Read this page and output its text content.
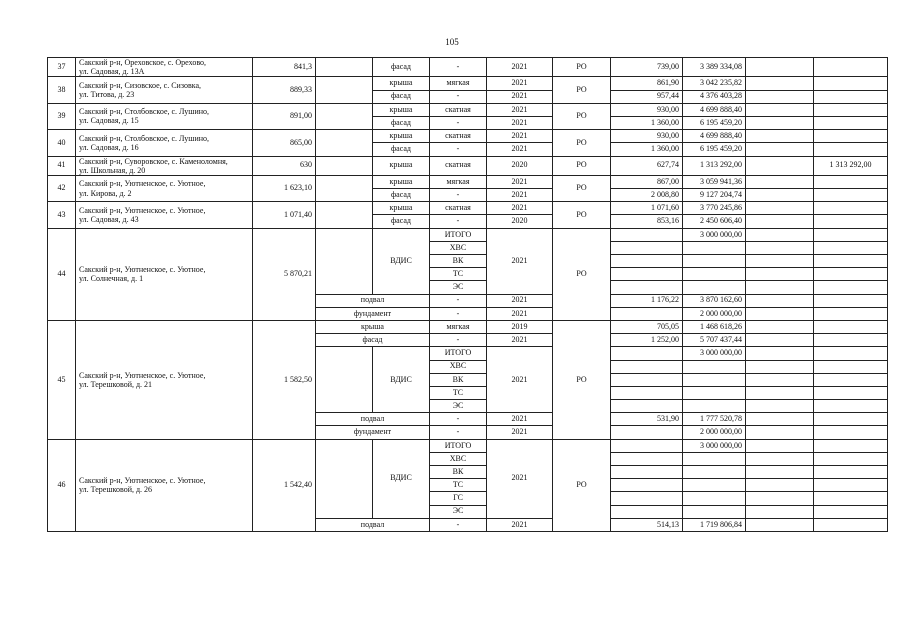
105
37	Сакский р-н, Ореховское, с. Орехово,
ул. Садовая, д. 13А	841,3		фасад	-	2021	РО	739,00	3 389 334,08			
38	Сакский р-н, Сизовское, с. Сизовка,
ул. Титова, д. 23	889,33		крыша	мягкая	2021	РО	861,90	3 042 235,82			
				фасад	-	2021		957,44	4 376 403,28			
39	Сакский р-н, Столбовское, с. Лушино,
ул. Садовая, д. 15	891,00		крыша	скатная	2021	РО	930,00	4 699 888,40			
				фасад	-	2021		1 360,00	6 195 459,20			
40	Сакский р-н, Столбовское, с. Лушино,
ул. Садовая, д. 16	865,00		крыша	скатная	2021	РО	930,00	4 699 888,40			
				фасад	-	2021		1 360,00	6 195 459,20			
41	Сакский р-н, Суворовское, с. Каменоломня,
ул. Школьная, д. 20	630		крыша	скатная	2020	РО	627,74	1 313 292,00		1 313 292,00	
42	Сакский р-н, Уютненское, с. Уютное,
ул. Кирова, д. 2	1 623,10		крыша	мягкая	2021	РО	867,00	3 059 941,36			
				фасад	-	2021		2 008,80	9 127 204,74			
43	Сакский р-н, Уютненское, с. Уютное,
ул. Садовая, д. 43	1 071,40		крыша	скатная	2021	РО	1 071,60	3 770 245,86			
				фасад	-	2020		853,16	2 450 606,40			
44	Сакский р-н, Уютненское, с. Уютное,
ул. Солнечная, д. 1	5 870,21		ВДИС	ИТОГО	2021	РО		3 000 000,00			
					ХВС							
					ВК							
					ТС							
					ЭС							
			подвал		-	2021		1 176,22	3 870 162,60			
			фундамент		-	2021			2 000 000,00			
45	Сакский р-н, Уютненское, с. Уютное,
ул. Терешковой, д. 21	1 582,50	крыша		мягкая	2019	РО	705,05	1 468 618,26			
			фасад		-	2021		1 252,00	5 707 437,44			
				ВДИС	ИТОГО	2021			3 000 000,00			
					ХВС							
					ВК							
					ТС							
					ЭС							
			подвал		-	2021		531,90	1 777 520,78			
			фундамент		-	2021			2 000 000,00			
46	Сакский р-н, Уютненское, с. Уютное,
ул. Терешковой, д. 26	1 542,40		ВДИС	ИТОГО	2021	РО		3 000 000,00			
					ХВС							
					ВК							
					ТС							
					ГС							
					ЭС							
			подвал		-	2021		514,13	1 719 806,84			
